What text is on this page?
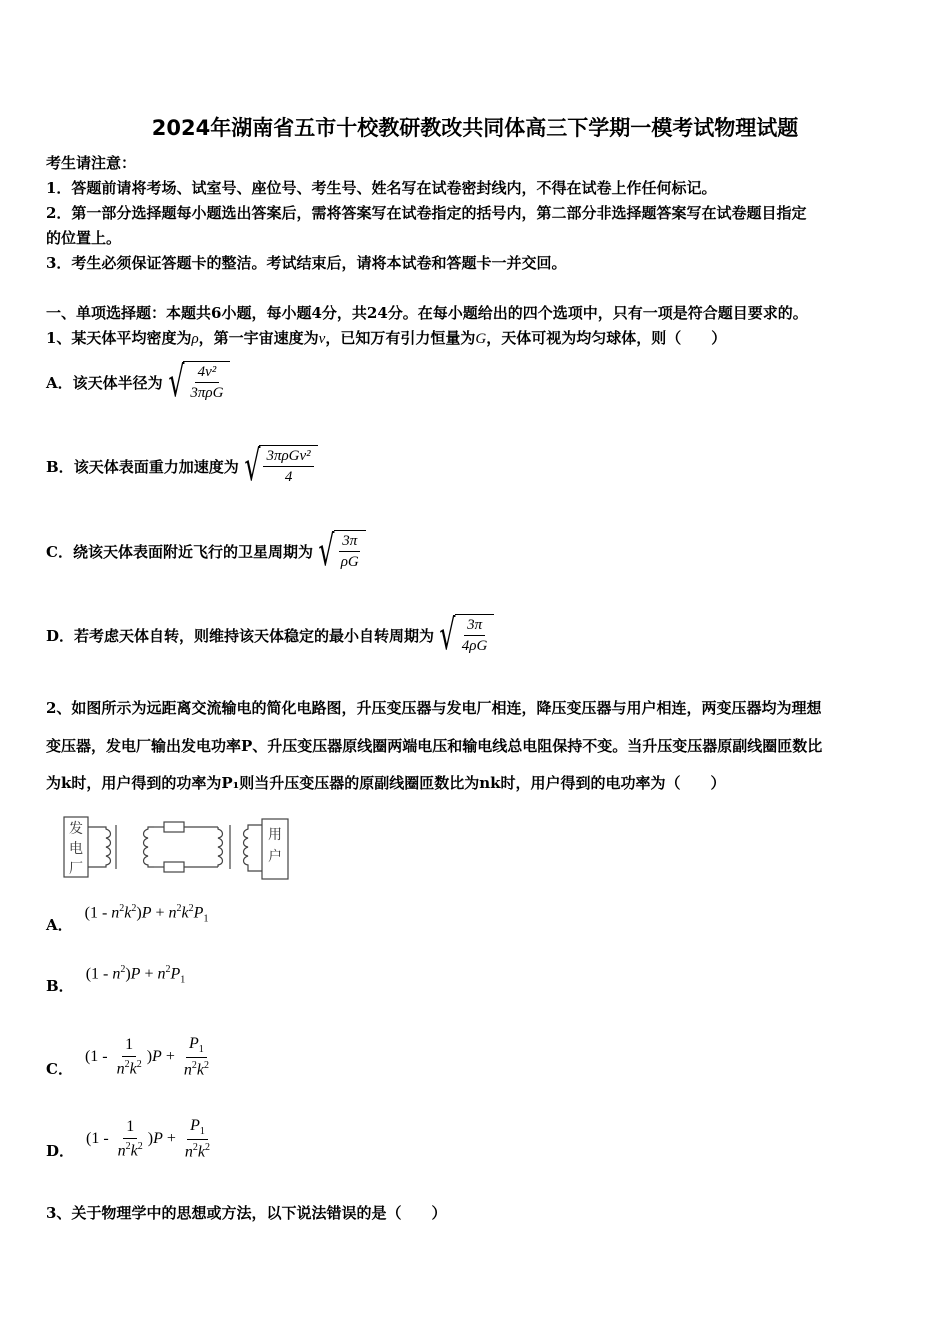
2024年湖南省五市十校教研教改共同体高三下学期一模考试物理试题
考生请注意：
1．答题前请将考场、试室号、座位号、考生号、姓名写在试卷密封线内，不得在试卷上作任何标记。
2．第一部分选择题每小题选出答案后，需将答案写在试卷指定的括号内，第二部分非选择题答案写在试卷题目指定
的位置上。
3．考生必须保证答题卡的整洁。考试结束后，请将本试卷和答题卡一并交回。
一、单项选择题：本题共6小题，每小题4分，共24分。在每小题给出的四个选项中，只有一项是符合题目要求的。
1、某天体平均密度为ρ，第一宇宙速度为v，已知万有引力恒量为G，天体可视为均匀球体，则（　　）
A． 该天体半径为 √ $\frac{\text{4v²}}{\text{3πρG}}$
B． 该天体表面重力加速度为 √ $\frac{\text{3πρGv²}}{4}$
C． 绕该天体表面附近飞行的卫星周期为 √ $\frac{3\pi}{\rho G}$
D． 若考虑天体自转，则维持该天体稳定的最小自转周期为 √ $\frac{3\pi}{4\rho G}$
2、如图所示为远距离交流输电的简化电路图，升压变压器与发电厂相连，降压变压器与用户相连，两变压器均为理想
变压器，发电厂输出发电功率P、升压变压器原线圈两端电压和输电线总电阻保持不变。当升压变压器原副线圈匝数比
为k时，用户得到的功率为P₁则当升压变压器的原副线圈匝数比为nk时，用户得到的电功率为（　　）
发
电
厂
用
户
A．
$(1 - n^2k^2)P + n^2k^2P_1$
B．
$(1 - n^2)P + n^2P_1$
C．
($1 - \frac{1}{n^2k^2}$ ) $P + \frac{P_1}{n^2k^2}$
D．
($1 - \frac{1}{n^2k^2}$ ) $P + \frac{P_1}{n^2k^2}$
3、关于物理学中的思想或方法，以下说法错误的是（　　）
